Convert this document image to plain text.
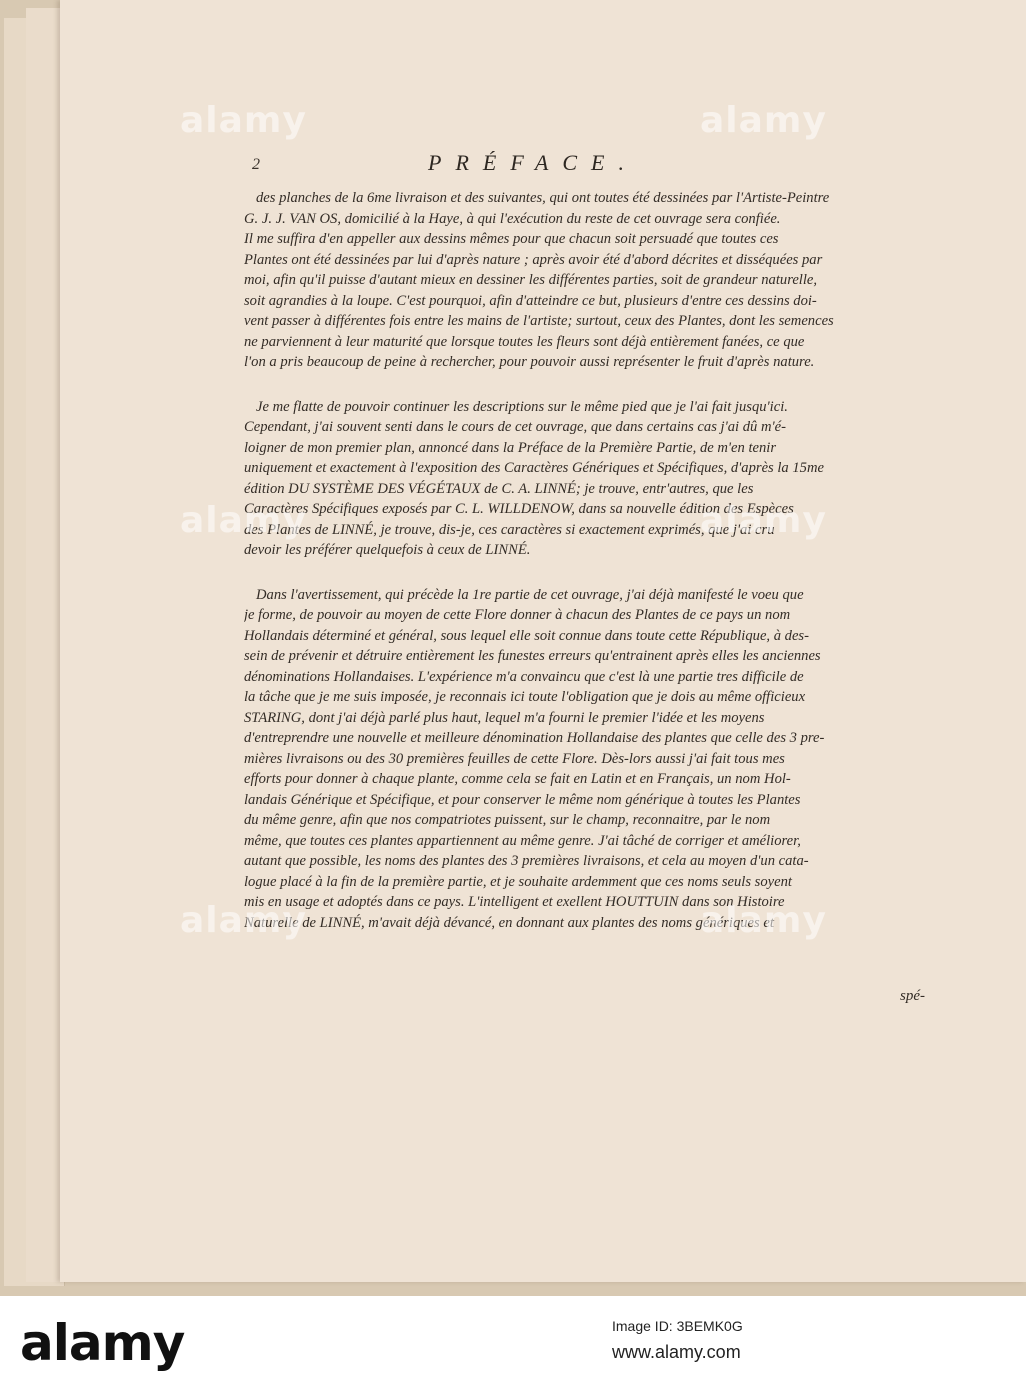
2	PRÉFACE.

des planches de la 6me livraison et des suivantes, qui ont toutes été dessinées par l'Artiste-Peintre
G. J. J. VAN OS, domicilié à la Haye, à qui l'exécution du reste de cet ouvrage sera confiée.
Il me suffira d'en appeller aux dessins mêmes pour que chacun soit persuadé que toutes ces
Plantes ont été dessinées par lui d'après nature ; après avoir été d'abord décrites et disséquées par
moi, afin qu'il puisse d'autant mieux en dessiner les différentes parties, soit de grandeur naturelle,
soit agrandies à la loupe. C'est pourquoi, afin d'atteindre ce but, plusieurs d'entre ces dessins doi-
vent passer à différentes fois entre les mains de l'artiste; surtout, ceux des Plantes, dont les semences
ne parviennent à leur maturité que lorsque toutes les fleurs sont déjà entièrement fanées, ce que
l'on a pris beaucoup de peine à rechercher, pour pouvoir aussi représenter le fruit d'après nature.

Je me flatte de pouvoir continuer les descriptions sur le même pied que je l'ai fait jusqu'ici.
Cependant, j'ai souvent senti dans le cours de cet ouvrage, que dans certains cas j'ai dû m'é-
loigner de mon premier plan, annoncé dans la Préface de la Première Partie, de m'en tenir
uniquement et exactement à l'exposition des Caractères Génériques et Spécifiques, d'après la 15me
édition DU SYSTÈME DES VÉGÉTAUX de C. A. LINNÉ; je trouve, entr'autres, que les
Caractères Spécifiques exposés par C. L. WILLDENOW, dans sa nouvelle édition des Espèces
des Plantes de LINNÉ, je trouve, dis-je, ces caractères si exactement exprimés, que j'ai cru
devoir les préférer quelquefois à ceux de LINNÉ.

Dans l'avertissement, qui précède la 1re partie de cet ouvrage, j'ai déjà manifesté le voeu que
je forme, de pouvoir au moyen de cette Flore donner à chacun des Plantes de ce pays un nom
Hollandais déterminé et général, sous lequel elle soit connue dans toute cette République, à des-
sein de prévenir et détruire entièrement les funestes erreurs qu'entrainent après elles les anciennes
dénominations Hollandaises. L'expérience m'a convaincu que c'est là une partie tres difficile de
la tâche que je me suis imposée, je reconnais ici toute l'obligation que je dois au même officieux
STARING, dont j'ai déjà parlé plus haut, lequel m'a fourni le premier l'idée et les moyens
d'entreprendre une nouvelle et meilleure dénomination Hollandaise des plantes que celle des 3 pre-
mières livraisons ou des 30 premières feuilles de cette Flore. Dès-lors aussi j'ai fait tous mes
efforts pour donner à chaque plante, comme cela se fait en Latin et en Français, un nom Hol-
landais Générique et Spécifique, et pour conserver le même nom générique à toutes les Plantes
du même genre, afin que nos compatriotes puissent, sur le champ, reconnaitre, par le nom
même, que toutes ces plantes appartiennent au même genre. J'ai tâché de corriger et améliorer,
autant que possible, les noms des plantes des 3 premières livraisons, et cela au moyen d'un cata-
logue placé à la fin de la première partie, et je souhaite ardemment que ces noms seuls soyent
mis en usage et adoptés dans ce pays. L'intelligent et exellent HOUTTUIN dans son Histoire
Naturelle de LINNÉ, m'avait déjà dévancé, en donnant aux plantes des noms génériques et

spé-
alamy	alamy
alamy	alamy
alamy	alamy
alamy	Image ID: 3BEMK0G
www.alamy.com
